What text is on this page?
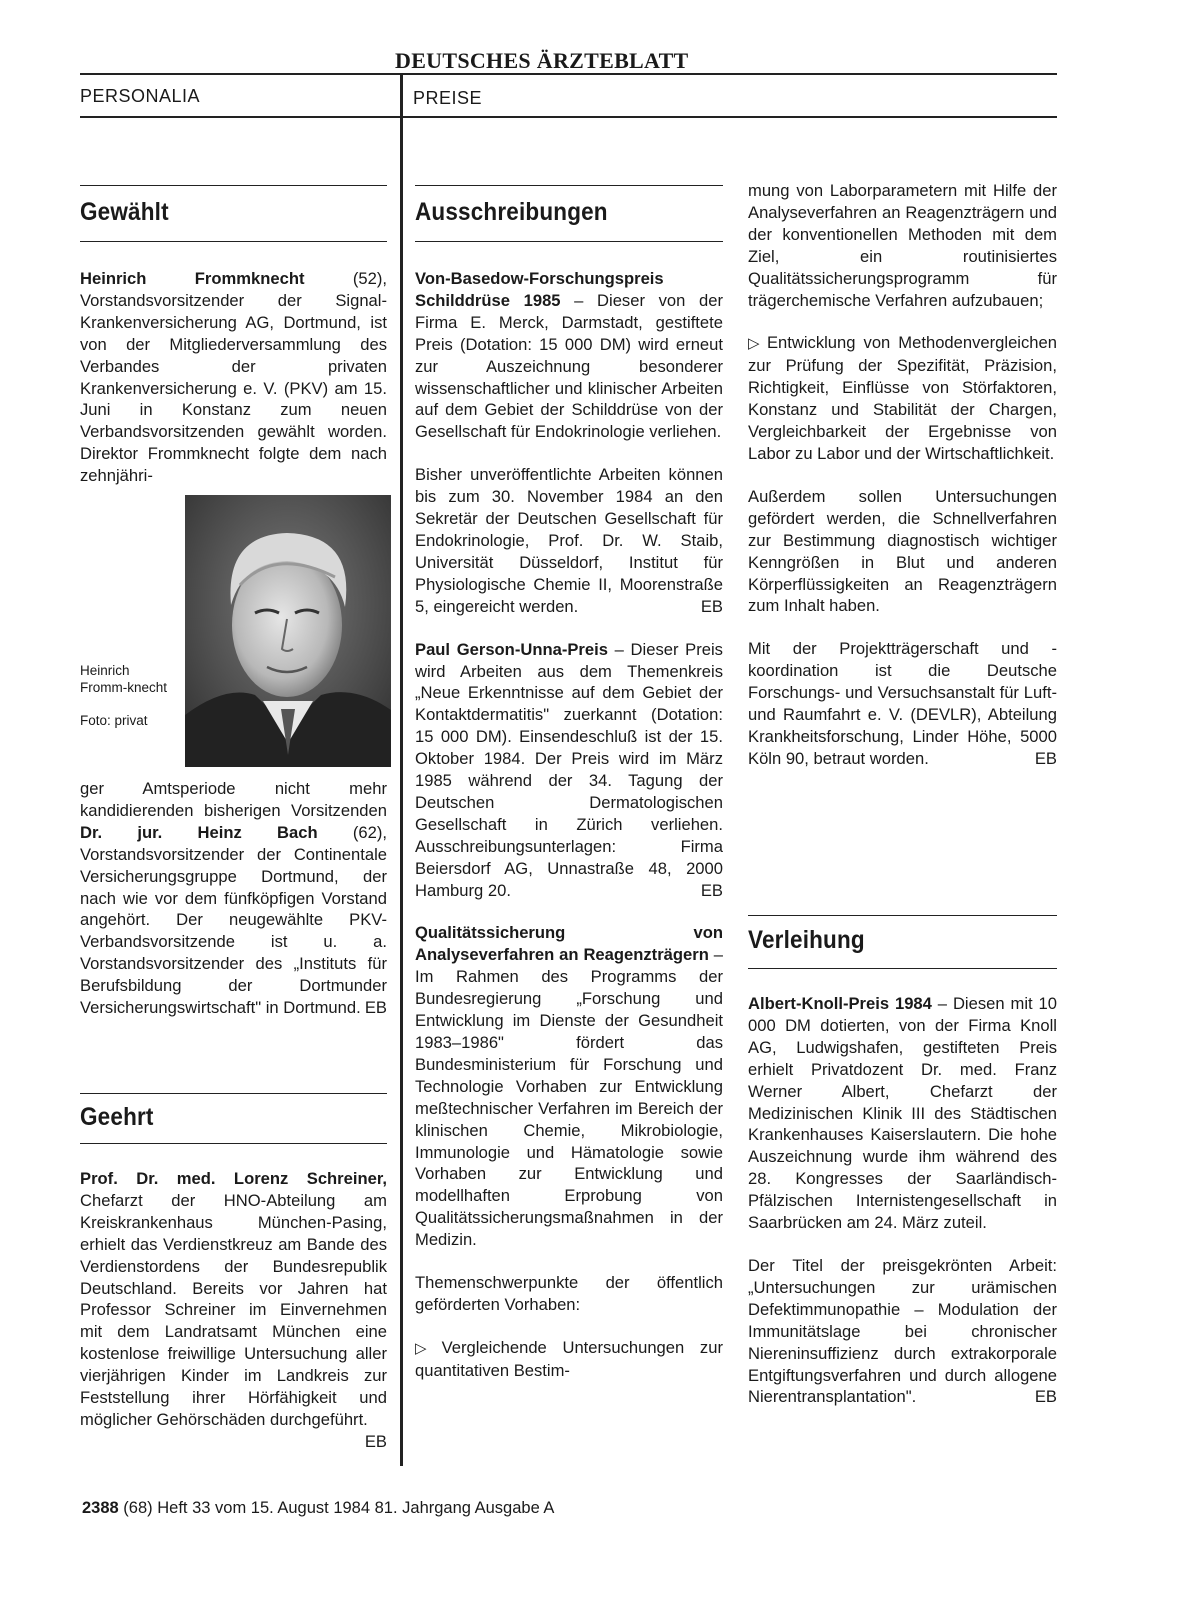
DEUTSCHES ÄRZTEBLATT
PERSONALIA	PREISE
Gewählt
Heinrich Frommknecht (52), Vorstandsvorsitzender der Signal-Krankenversicherung AG, Dortmund, ist von der Mitgliederversammlung des Verbandes der privaten Krankenversicherung e. V. (PKV) am 15. Juni in Konstanz zum neuen Verbandsvorsitzenden gewählt worden. Direktor Frommknecht folgte dem nach zehnjähri-
Heinrich Fromm-knecht
Foto: privat
ger Amtsperiode nicht mehr kandidierenden bisherigen Vorsitzenden Dr. jur. Heinz Bach (62), Vorstandsvorsitzender der Continentale Versicherungsgruppe Dortmund, der nach wie vor dem fünfköpfigen Vorstand angehört. Der neugewählte PKV-Verbandsvorsitzende ist u. a. Vorstandsvorsitzender des „Instituts für Berufsbildung der Dortmunder Versicherungswirtschaft" in Dortmund. EB
Geehrt
Prof. Dr. med. Lorenz Schreiner, Chefarzt der HNO-Abteilung am Kreiskrankenhaus München-Pasing, erhielt das Verdienstkreuz am Bande des Verdienstordens der Bundesrepublik Deutschland. Bereits vor Jahren hat Professor Schreiner im Einvernehmen mit dem Landratsamt München eine kostenlose freiwillige Untersuchung aller vierjährigen Kinder im Landkreis zur Feststellung ihrer Hörfähigkeit und möglicher Gehörschäden durchgeführt.
EB
Ausschreibungen

Von-Basedow-Forschungspreis Schilddrüse 1985 – Dieser von der Firma E. Merck, Darmstadt, gestiftete Preis (Dotation: 15 000 DM) wird erneut zur Auszeichnung besonderer wissenschaftlicher und klinischer Arbeiten auf dem Gebiet der Schilddrüse von der Gesellschaft für Endokrinologie verliehen.

Bisher unveröffentlichte Arbeiten können bis zum 30. November 1984 an den Sekretär der Deutschen Gesellschaft für Endokrinologie, Prof. Dr. W. Staib, Universität Düsseldorf, Institut für Physiologische Chemie II, Moorenstraße 5, eingereicht werden.	EB

Paul Gerson-Unna-Preis – Dieser Preis wird Arbeiten aus dem Themenkreis „Neue Erkenntnisse auf dem Gebiet der Kontaktdermatitis" zuerkannt (Dotation: 15 000 DM). Einsendeschluß ist der 15. Oktober 1984. Der Preis wird im März 1985 während der 34. Tagung der Deutschen Dermatologischen Gesellschaft in Zürich verliehen. Ausschreibungsunterlagen: Firma Beiersdorf AG, Unnastraße 48, 2000 Hamburg 20.	EB

Qualitätssicherung von Analyseverfahren an Reagenzträgern – Im Rahmen des Programms der Bundesregierung „Forschung und Entwicklung im Dienste der Gesundheit 1983–1986" fördert das Bundesministerium für Forschung und Technologie Vorhaben zur Entwicklung meßtechnischer Verfahren im Bereich der klinischen Chemie, Mikrobiologie, Immunologie und Hämatologie sowie Vorhaben zur Entwicklung und modellhaften Erprobung von Qualitätssicherungsmaßnahmen in der Medizin.

Themenschwerpunkte der öffentlich geförderten Vorhaben:

▷ Vergleichende Untersuchungen zur quantitativen Bestim-

mung von Laborparametern mit Hilfe der Analyseverfahren an Reagenzträgern und der konventionellen Methoden mit dem Ziel, ein routinisiertes Qualitätssicherungsprogramm für trägerchemische Verfahren aufzubauen;

▷ Entwicklung von Methodenvergleichen zur Prüfung der Spezifität, Präzision, Richtigkeit, Einflüsse von Störfaktoren, Konstanz und Stabilität der Chargen, Vergleichbarkeit der Ergebnisse von Labor zu Labor und der Wirtschaftlichkeit.

Außerdem sollen Untersuchungen gefördert werden, die Schnellverfahren zur Bestimmung diagnostisch wichtiger Kenngrößen in Blut und anderen Körperflüssigkeiten an Reagenzträgern zum Inhalt haben.

Mit der Projektträgerschaft und -koordination ist die Deutsche Forschungs- und Versuchsanstalt für Luft- und Raumfahrt e. V. (DEVLR), Abteilung Krankheitsforschung, Linder Höhe, 5000 Köln 90, betraut worden.	EB

Verleihung

Albert-Knoll-Preis 1984 – Diesen mit 10 000 DM dotierten, von der Firma Knoll AG, Ludwigshafen, gestifteten Preis erhielt Privatdozent Dr. med. Franz Werner Albert, Chefarzt der Medizinischen Klinik III des Städtischen Krankenhauses Kaiserslautern. Die hohe Auszeichnung wurde ihm während des 28. Kongresses der Saarländisch-Pfälzischen Internistengesellschaft in Saarbrücken am 24. März zuteil.

Der Titel der preisgekrönten Arbeit: „Untersuchungen zur urämischen Defektimmunopathie – Modulation der Immunitätslage bei chronischer Niereninsuffizienz durch extrakorporale Entgiftungsverfahren und durch allogene Nierentransplantation".	EB

2388 (68) Heft 33 vom 15. August 1984 81. Jahrgang Ausgabe A
